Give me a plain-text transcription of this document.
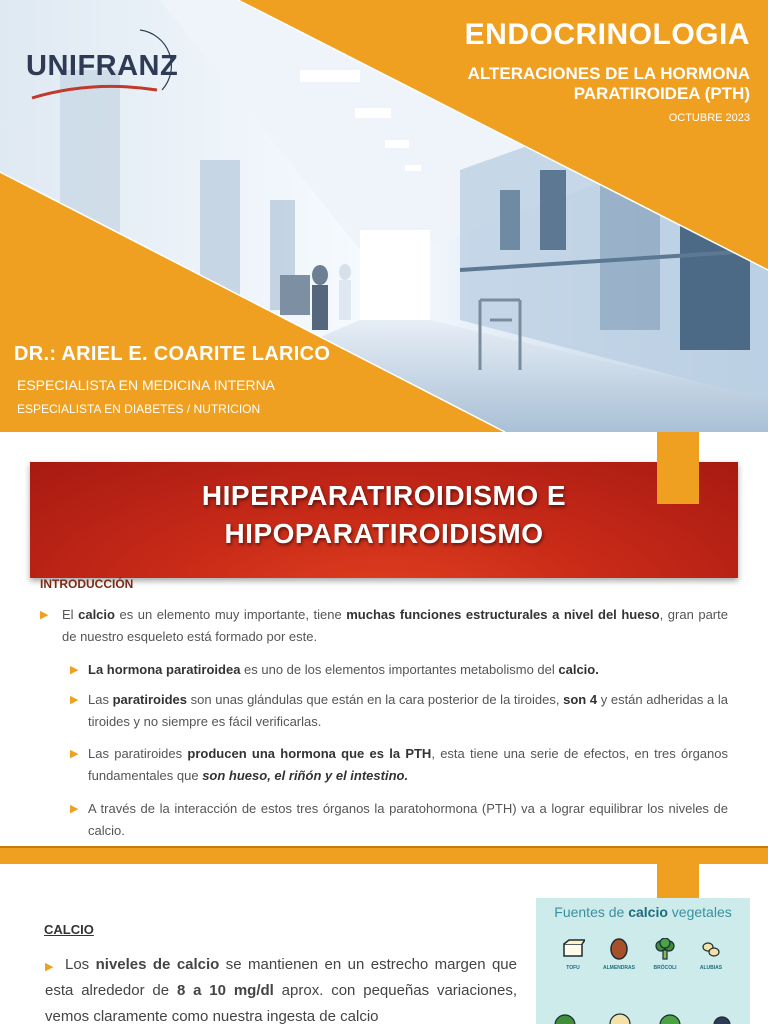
UNIFRANZ
ENDOCRINOLOGIA
ALTERACIONES DE LA HORMONA PARATIROIDEA (PTH)
OCTUBRE 2023
DR.: ARIEL E. COARITE LARICO
ESPECIALISTA EN MEDICINA INTERNA
ESPECIALISTA EN DIABETES / NUTRICION
HIPERPARATIROIDISMO E
HIPOPARATIROIDISMO
INTRODUCCIÓN
▶ El calcio es un elemento muy importante, tiene muchas funciones estructurales a nivel del hueso, gran parte de nuestro esqueleto está formado por este.
▶ La hormona paratiroidea es uno de los elementos importantes metabolismo del calcio.
▶ Las paratiroides son unas glándulas que están en la cara posterior de la tiroides, son 4 y están adheridas a la tiroides y no siempre es fácil verificarlas.
▶ Las paratiroides producen una hormona que es la PTH, esta tiene una serie de efectos, en tres órganos fundamentales que son hueso, el riñón y el intestino.
▶ A través de la interacción de estos tres órganos la paratohormona (PTH) va a lograr equilibrar los niveles de calcio.
CALCIO
▶ Los niveles de calcio se mantienen en un estrecho margen que esta alrededor de 8 a 10 mg/dl aprox. con pequeñas variaciones, vemos claramente como nuestra ingesta de calcio
Fuentes de calcio vegetales
TOFU	ALMENDRAS	BRÓCOLI	ALUBIAS
